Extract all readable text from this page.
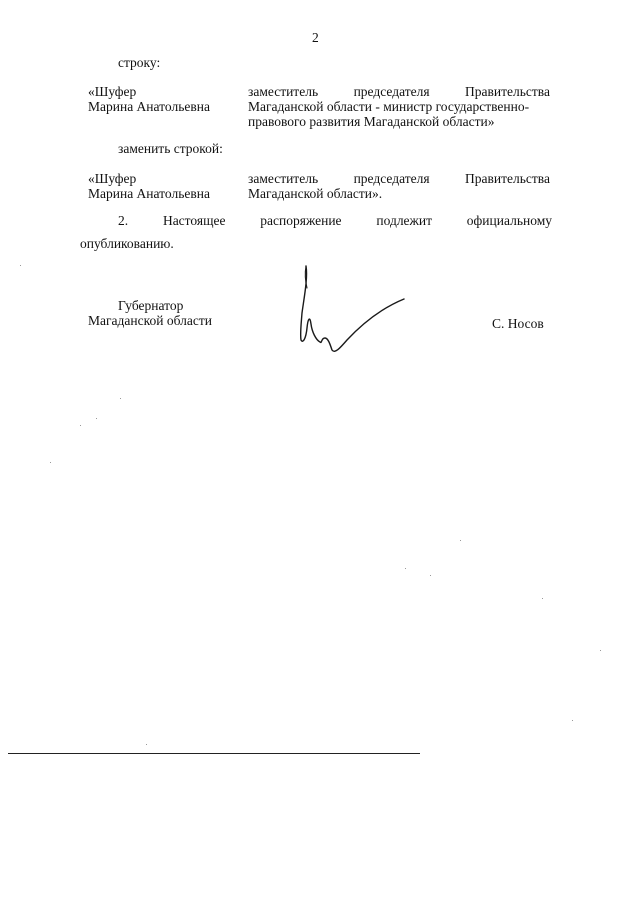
2
строку:
«Шуфер
Марина Анатольевна
заместитель председателя Правительства
Магаданской области - министр государственно-
правового развития Магаданской области»
заменить строкой:
«Шуфер
Марина Анатольевна
заместитель председателя Правительства
Магаданской области».
2. Настоящее распоряжение подлежит официальному
опубликованию.
Губернатор
Магаданской области	С. Носов
